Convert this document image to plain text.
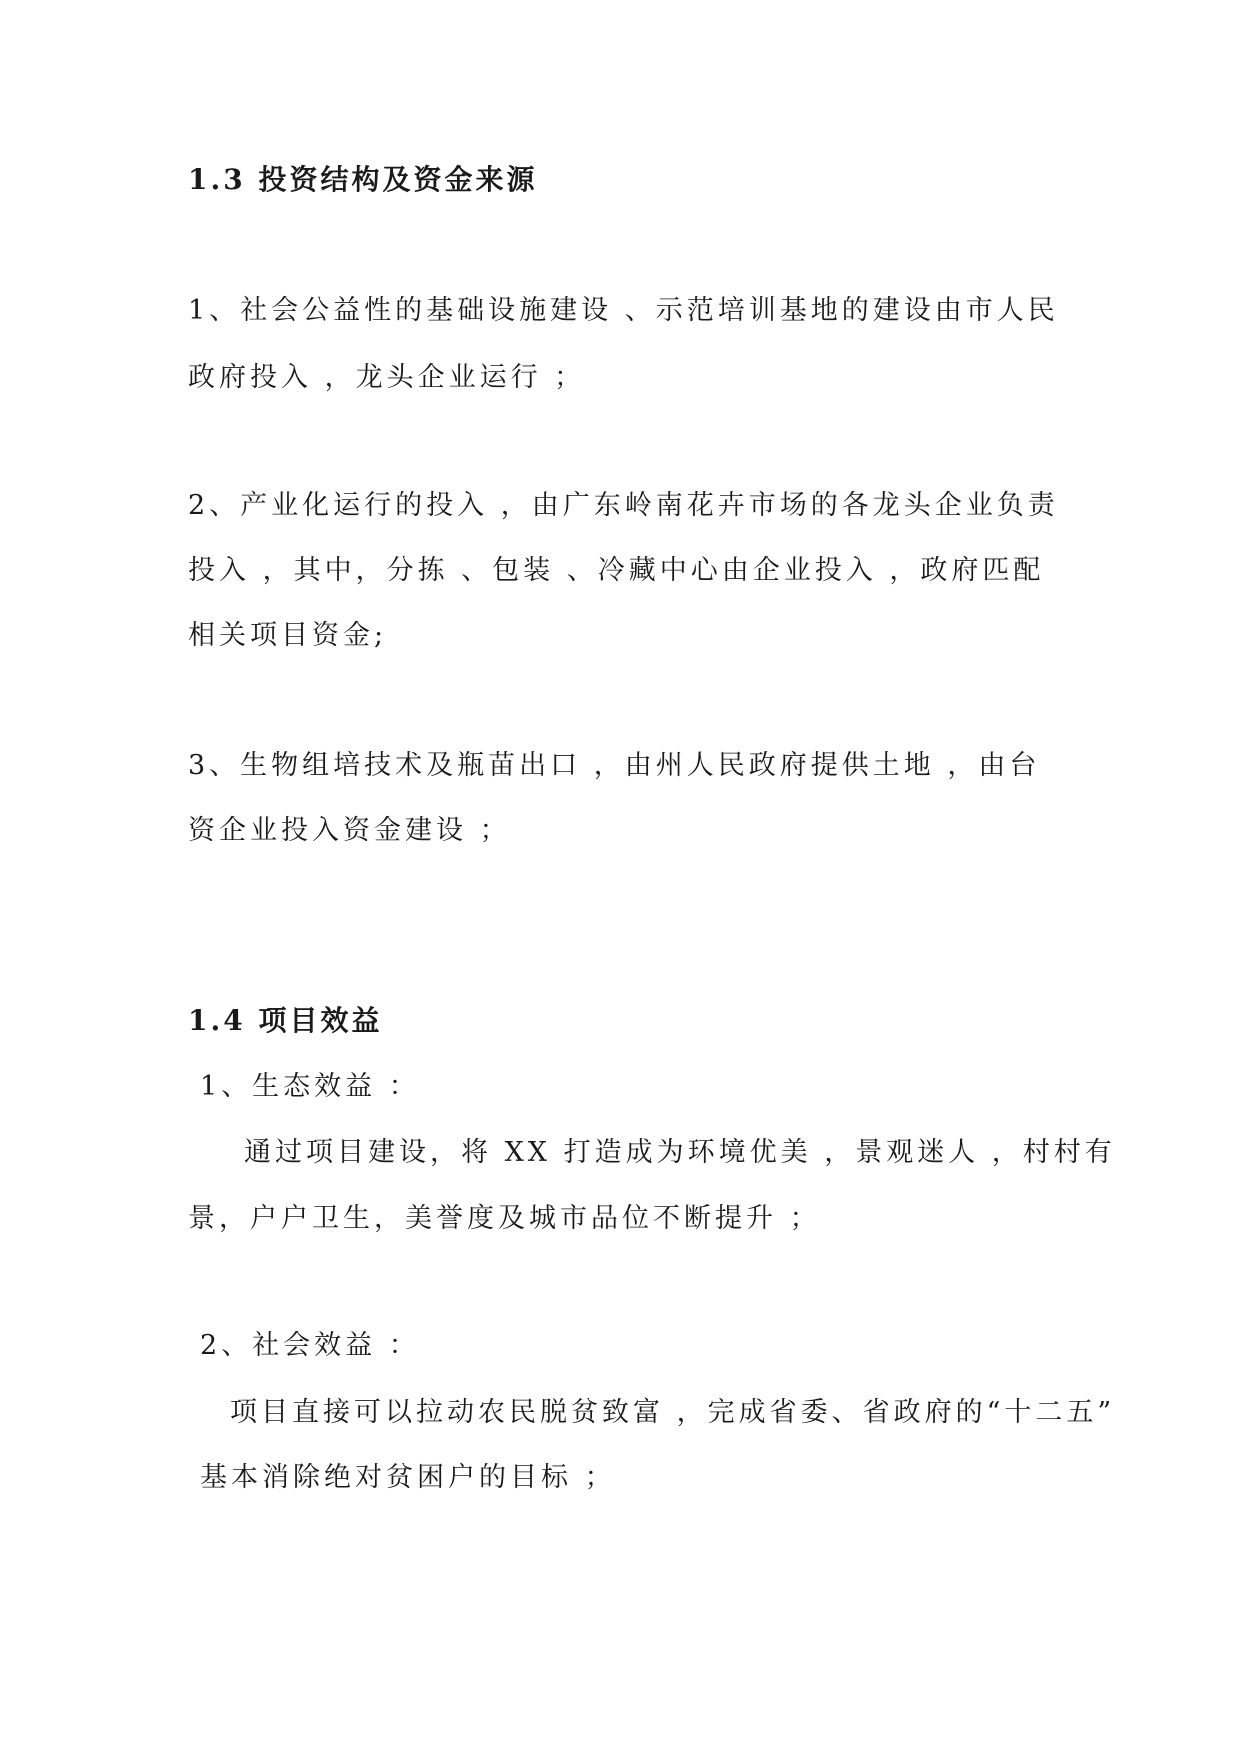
1.3 投资结构及资金来源
1、社会公益性的基础设施建设 、示范培训基地的建设由市人民
政府投入 ，龙头企业运行 ；
2、产业化运行的投入 ，由广东岭南花卉市场的各龙头企业负责
投入 ，其中，分拣 、包装 、冷藏中心由企业投入 ，政府匹配
相关项目资金;
3、生物组培技术及瓶苗出口 ，由州人民政府提供土地 ，由台
资企业投入资金建设 ；
1.4 项目效益
1、生态效益 ：
通过项目建设，将 XX 打造成为环境优美 ，景观迷人 ，村村有
景，户户卫生，美誉度及城市品位不断提升 ；
2、社会效益 ：
项目直接可以拉动农民脱贫致富 ，完成省委、省政府的“十二五”
基本消除绝对贫困户的目标 ；
